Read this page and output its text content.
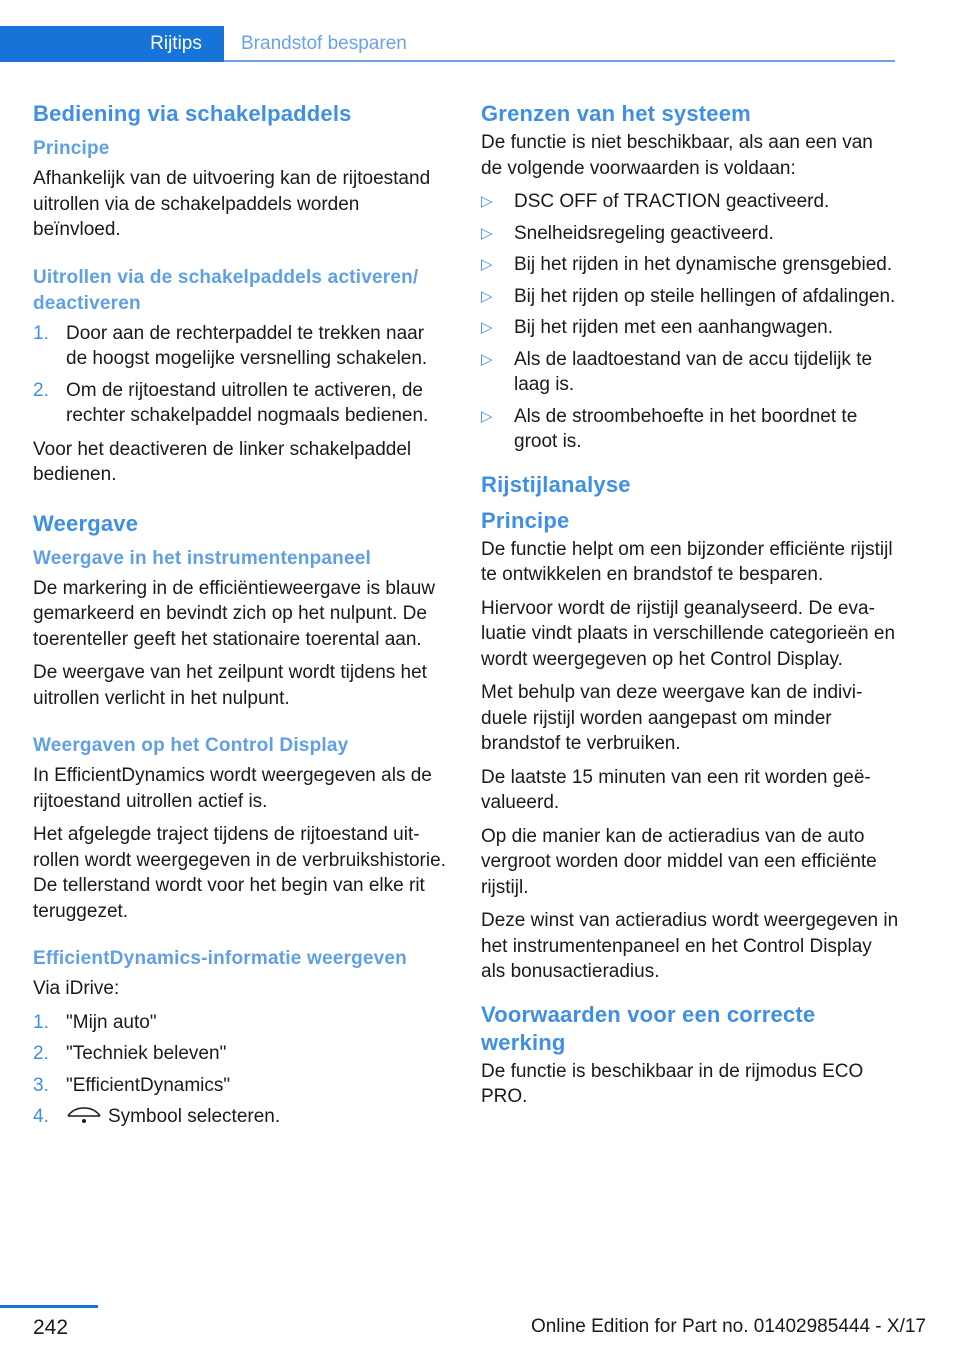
Rijtips	Brandstof besparen
Bediening via schakelpaddels
Principe

Afhankelijk van de uitvoering kan de rijtoestand uitrollen via de schakelpaddels worden beïnvloed.

Uitrollen via de schakelpaddels activeren/ deactiveren
1. Door aan de rechterpaddel te trekken naar de hoogst mogelijke versnelling schakelen.
2. Om de rijtoestand uitrollen te activeren, de rechter schakelpaddel nogmaals bedienen.

Voor het deactiveren de linker schakelpaddel bedienen.

Weergave
Weergave in het instrumentenpaneel

De markering in de efficiëntieweergave is blauw gemarkeerd en bevindt zich op het nulpunt. De toerenteller geeft het stationaire toerental aan.

De weergave van het zeilpunt wordt tijdens het uitrollen verlicht in het nulpunt.

Weergaven op het Control Display

In EfficientDynamics wordt weergegeven als de rijtoestand uitrollen actief is.

Het afgelegde traject tijdens de rijtoestand uitrollen wordt weergegeven in de verbruikshistorie. De tellerstand wordt voor het begin van elke rit teruggezet.

EfficientDynamics-informatie weergeven

Via iDrive:

1. "Mijn auto"
2. "Techniek beleven"
3. "EfficientDynamics"
4.	Symbool selecteren.
Grenzen van het systeem

De functie is niet beschikbaar, als aan een van de volgende voorwaarden is voldaan:

▷ DSC OFF of TRACTION geactiveerd.
▷ Snelheidsregeling geactiveerd.
▷ Bij het rijden in het dynamische grensgebied.
▷ Bij het rijden op steile hellingen of afdalingen.
▷ Bij het rijden met een aanhangwagen.
▷ Als de laadtoestand van de accu tijdelijk te laag is.
▷ Als de stroombehoefte in het boordnet te groot is.
Rijstijlanalyse
Principe

De functie helpt om een bijzonder efficiënte rijstijl te ontwikkelen en brandstof te besparen.

Hiervoor wordt de rijstijl geanalyseerd. De evaluatie vindt plaats in verschillende categorieën en wordt weergegeven op het Control Display.

Met behulp van deze weergave kan de individuele rijstijl worden aangepast om minder brandstof te verbruiken.

De laatste 15 minuten van een rit worden geëvalueerd.

Op die manier kan de actieradius van de auto vergroot worden door middel van een efficiënte rijstijl.

Deze winst van actieradius wordt weergegeven in het instrumentenpaneel en het Control Display als bonusactieradius.

Voorwaarden voor een correcte werking

De functie is beschikbaar in de rijmodus ECO PRO.

242	Online Edition for Part no. 01402985444 - X/17
